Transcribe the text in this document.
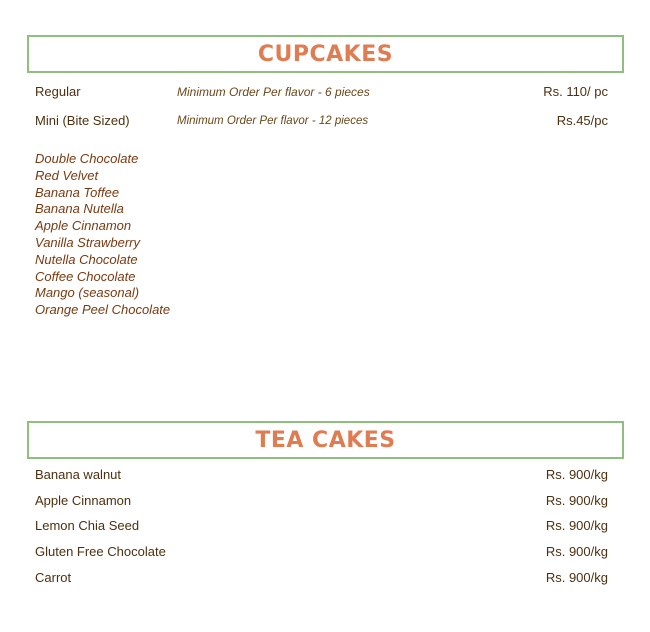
CUPCAKES
Regular	Minimum Order Per flavor - 6 pieces	Rs. 110/ pc
Mini (Bite Sized)	Minimum Order Per flavor - 12 pieces	Rs.45/pc
Double Chocolate
Red Velvet
Banana Toffee
Banana Nutella
Apple Cinnamon
Vanilla Strawberry
Nutella Chocolate
Coffee Chocolate
Mango (seasonal)
Orange Peel Chocolate
TEA CAKES
Banana walnut	Rs. 900/kg
Apple Cinnamon	Rs. 900/kg
Lemon Chia Seed	Rs. 900/kg
Gluten Free Chocolate	Rs. 900/kg
Carrot	Rs. 900/kg
